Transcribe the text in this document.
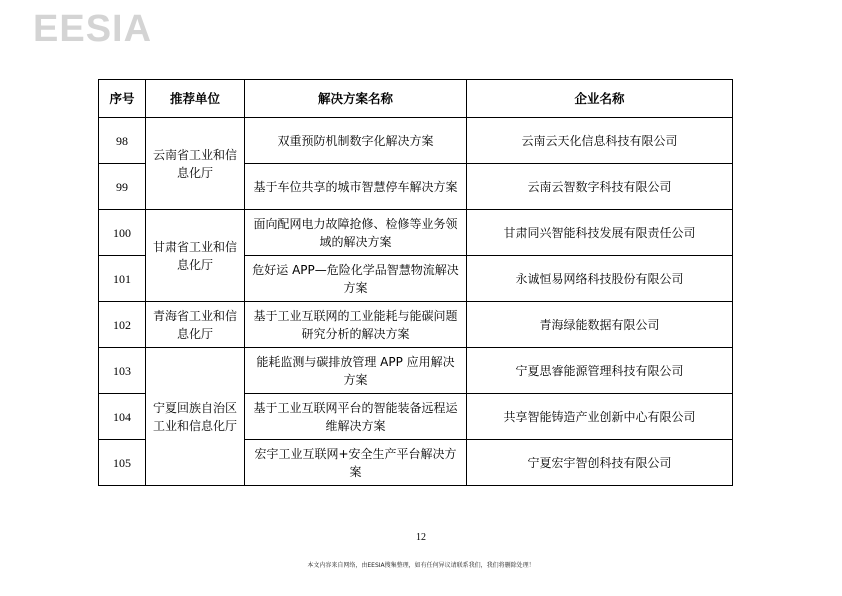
EESIA
序号	推荐单位	解决方案名称	企业名称
98	云南省工业和信息化厅	双重预防机制数字化解决方案	云南云天化信息科技有限公司
99		基于车位共享的城市智慧停车解决方案	云南云智数字科技有限公司
100	甘肃省工业和信息化厅	面向配网电力故障抢修、检修等业务领域的解决方案	甘肃同兴智能科技发展有限责任公司
101		危好运 APP—危险化学品智慧物流解决方案	永诚恒易网络科技股份有限公司
102	青海省工业和信息化厅	基于工业互联网的工业能耗与能碳问题研究分析的解决方案	青海绿能数据有限公司
103	宁夏回族自治区工业和信息化厅	能耗监测与碳排放管理 APP 应用解决方案	宁夏思睿能源管理科技有限公司
104		基于工业互联网平台的智能装备远程运维解决方案	共享智能铸造产业创新中心有限公司
105		宏宇工业互联网+安全生产平台解决方案	宁夏宏宇智创科技有限公司
12
本文内容来自网络，由EESIA搜集整理，如有任何异议请联系我们，我们将删除处理！
